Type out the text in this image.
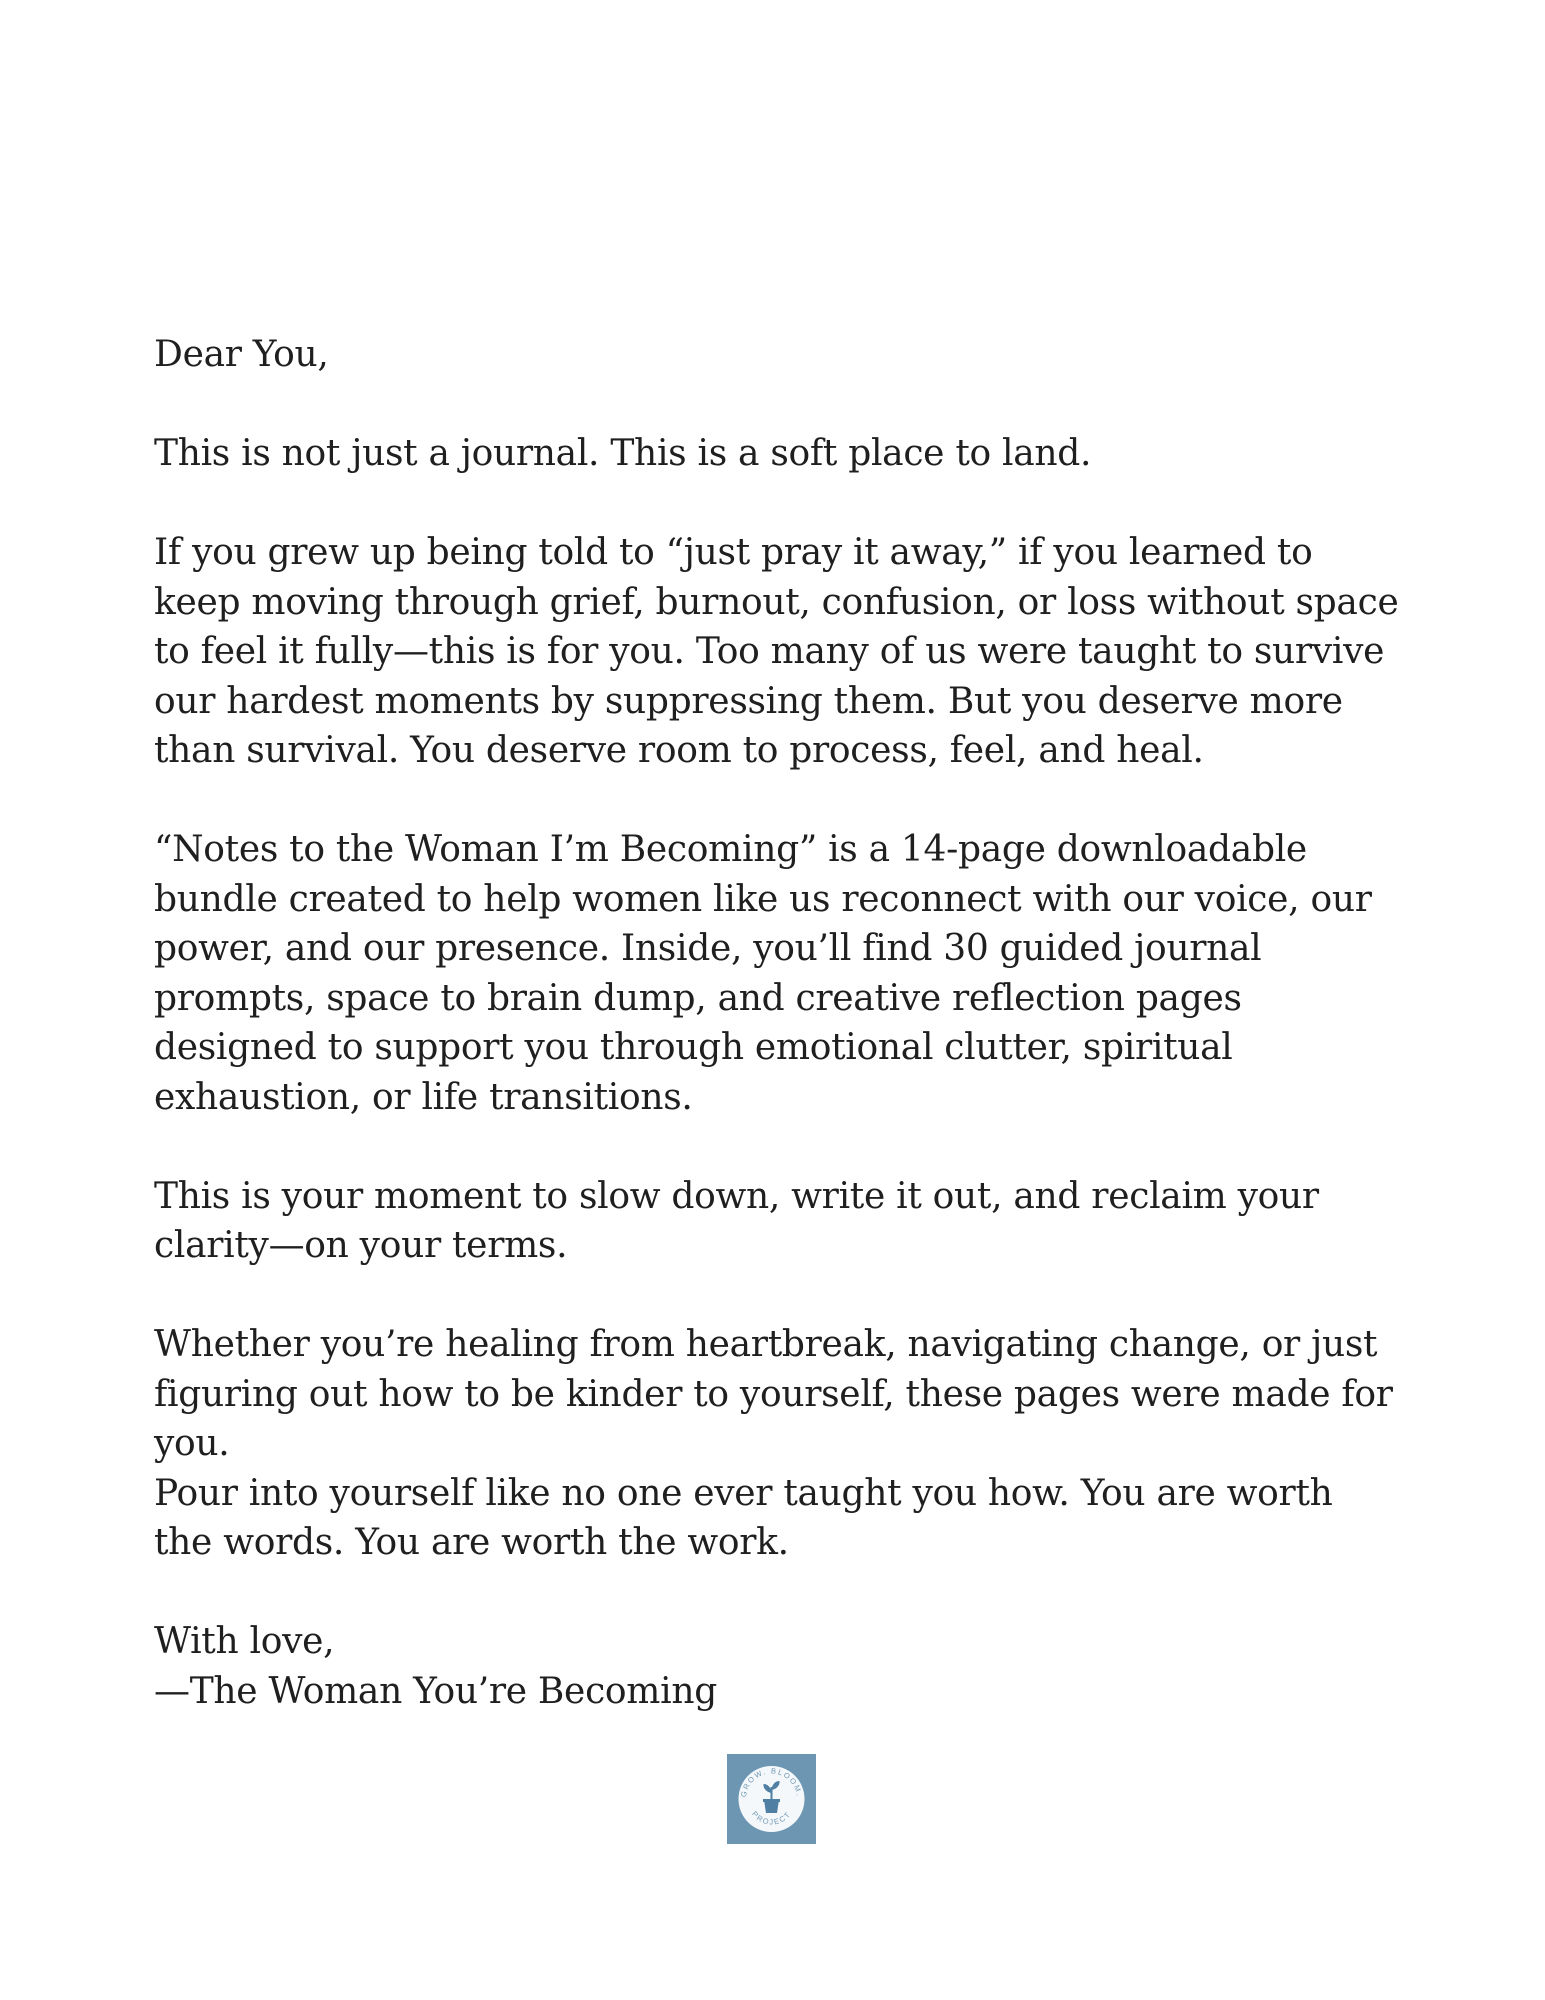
Dear You,

This is not just a journal. This is a soft place to land.

If you grew up being told to “just pray it away,” if you learned to keep moving through grief, burnout, confusion, or loss without space to feel it fully—this is for you. Too many of us were taught to survive our hardest moments by suppressing them. But you deserve more than survival. You deserve room to process, feel, and heal.

“Notes to the Woman I’m Becoming” is a 14-page downloadable bundle created to help women like us reconnect with our voice, our power, and our presence. Inside, you’ll find 30 guided journal prompts, space to brain dump, and creative reflection pages designed to support you through emotional clutter, spiritual exhaustion, or life transitions.

This is your moment to slow down, write it out, and reclaim your clarity—on your terms.

Whether you’re healing from heartbreak, navigating change, or just figuring out how to be kinder to yourself, these pages were made for you.

Pour into yourself like no one ever taught you how. You are worth the words. You are worth the work.

With love,

—The Woman You’re Becoming

GROW. BLOOM.
PROJECT
